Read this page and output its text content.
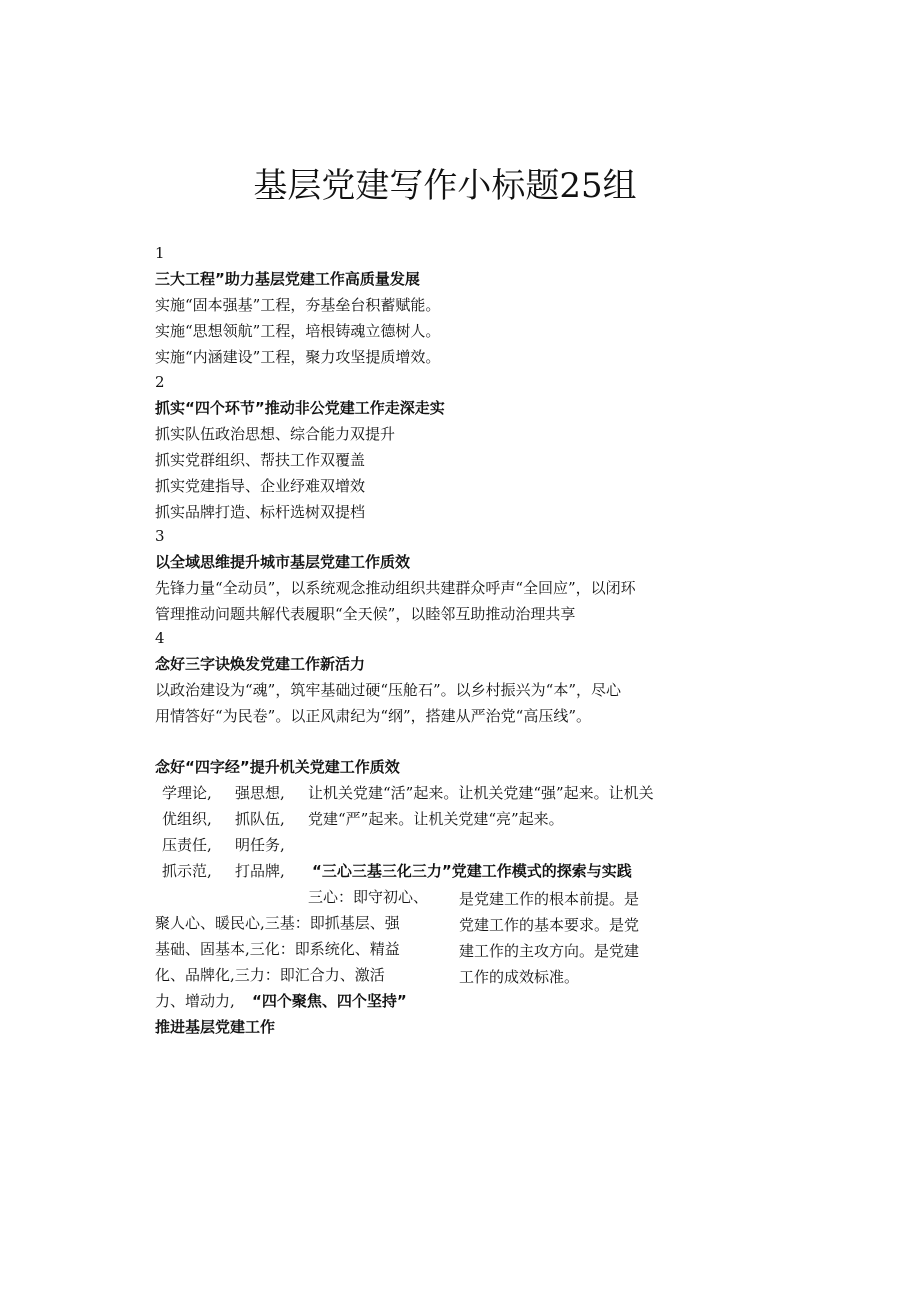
基层党建写作小标题25组
1
三大工程”助力基层党建工作高质量发展
实施“固本强基”工程，夯基垒台积蓄赋能。
实施“思想领航”工程，培根铸魂立德树人。
实施“内涵建设”工程，聚力攻坚提质增效。
2
抓实“四个环节”推动非公党建工作走深走实
抓实队伍政治思想、综合能力双提升
抓实党群组织、帮扶工作双覆盖
抓实党建指导、企业纾难双增效
抓实品牌打造、标杆选树双提档
3
以全域思维提升城市基层党建工作质效
先锋力量“全动员”，以系统观念推动组织共建群众呼声“全回应”，以闭环
管理推动问题共解代表履职“全天候”，以睦邻互助推动治理共享
4
念好三字诀焕发党建工作新活力
以政治建设为“魂”，筑牢基础过硬“压舱石”。以乡村振兴为“本”，尽心
用情答好“为民卷”。以正风肃纪为“纲”，搭建从严治党“高压线”。
念好“四字经”提升机关党建工作质效
学理论,
优组织,
压责任,
抓示范,
强思想,
抓队伍,
明任务,
打品牌,
让机关党建“活”起来。让机关党建“强”起来。让机关
党建“严”起来。让机关党建“亮”起来。
“三心三基三化三力”党建工作模式的探索与实践
三心：即守初心、
聚人心、暖民心,三基：即抓基层、强
基础、固基本,三化：即系统化、精益
化、品牌化,三力：即汇合力、激活
力、增动力,
是党建工作的根本前提。是
党建工作的基本要求。是党
建工作的主攻方向。是党建
工作的成效标准。
“四个聚焦、四个坚持”
推进基层党建工作
